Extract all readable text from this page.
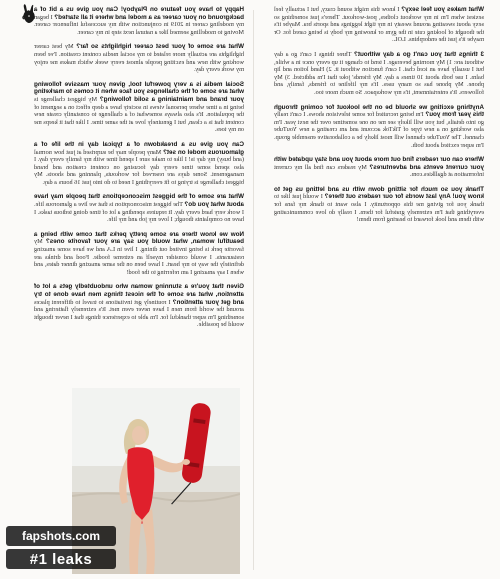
Happy to have you feature on Playboy! Can you give us a bit of a background on your career as a model and where it all started? I began my modeling career in 2019 in conjunction with my successful influencer career. Moving to modelling seemed like a natural next step in my career.

What are some of your best career highlights so far? My best career highlights are actually more related to my social media content creation. I've been working with new and exciting people almost every week which makes me enjoy my work every day.

Social media is a very powerful tool, given your massive following what are some of the challenges you face when it comes to marketing your brand and maintaining a solid following? My biggest challenge is being in a time where personal views in society have a deep effect on a segment of the population. It's also always somewhat of a challenge to constantly create new content that is a clean, but I genuinely love at the same time. I like that it keeps me on my toes.

Can you give us a breakdown of a typical day in the life of a glamourous model on set? Many people may be surprised at just how normal (and busy) my day is! I like to make sure I spend time with my family every day. I also spend some time every day focusing on content creation and brand management. Some days are reserved for workouts, planning and shoots. My biggest challenge is trying to fit everything I need to do into just 16 hours a day.

What are some of the biggest misconceptions that people may have about what you do? The biggest misconception is that we live a glamorous life. I work very hard every day. It requires spending a lot of time doing tedious tasks. I have no complaints though; I love my job and my life.

Now we know there are some pretty perks that come with being a beautiful woman, what would you say are your favorite ones? My favorite perk is being invited out dining. I live in LA and we have some amazing restaurants. I would consider myself an extreme foodie. Food and drinks are definitely the way to my heart. I have been on the same amazing dinner dates, and when I say amazing I am referring to the food!

Given that you're a stunning woman who undoubtedly gets a lot of attention, what are some of the nicest things men have done to try and get your attention? I routinely get invitations to travel to different places around the world from men I have never even met. It's extremely flattering and something I'm super thankful for. I'm able to experience things that I never thought would be possible.

What makes you feel sexy? I know this might sound crazy, but I actually feel sexiest when I'm in my workout clothes, post-workout. There's just something so sexy about sweating around sweaty in my tight leggings and sports bra. Maybe it's the thought of looking cute in the gym or knowing my body is being cared for. Or maybe it's just the endorphins. LOL.

3 things that you can't go a day without? Three things I can't go a day without are: 1) My morning beverage. I tend to change it up every once in a while, but I usually have an iced chai. I can't function without it. 2) Hand lotion and lip balm. I use both about 10 times a day. My friends' joke that I'm addicted. 3) My phone. My phone has so many uses. It's my lifeline to friends, family, and followers. It's entertainment, it's my workspace. So much more too.

Anything exciting we should be on the lookout for coming through this year from you? I'm being recruited for some television shows. I can't really go into details, but you will likely see me on one sometime over the next year. I'm also working on a new type of TikTok account and am creating a new YouTube channel. The YouTube channel will most likely be a collaborative ensemble group. I'm super excited about both.

Where can our readers find out more about you and stay updated with your current events and adventures? My readers can find all my current information at dgallkies.com.

Thank you so much for sitting down with us and letting us get to know you! Any last words for our readers out there? I would just like to thank you for giving me this opportunity. I also want to thank my fans for everything that I'm extremely grateful for them. I really do love communicating with them and look forward to hearing from them!

fapshots.com
#1 leaks
